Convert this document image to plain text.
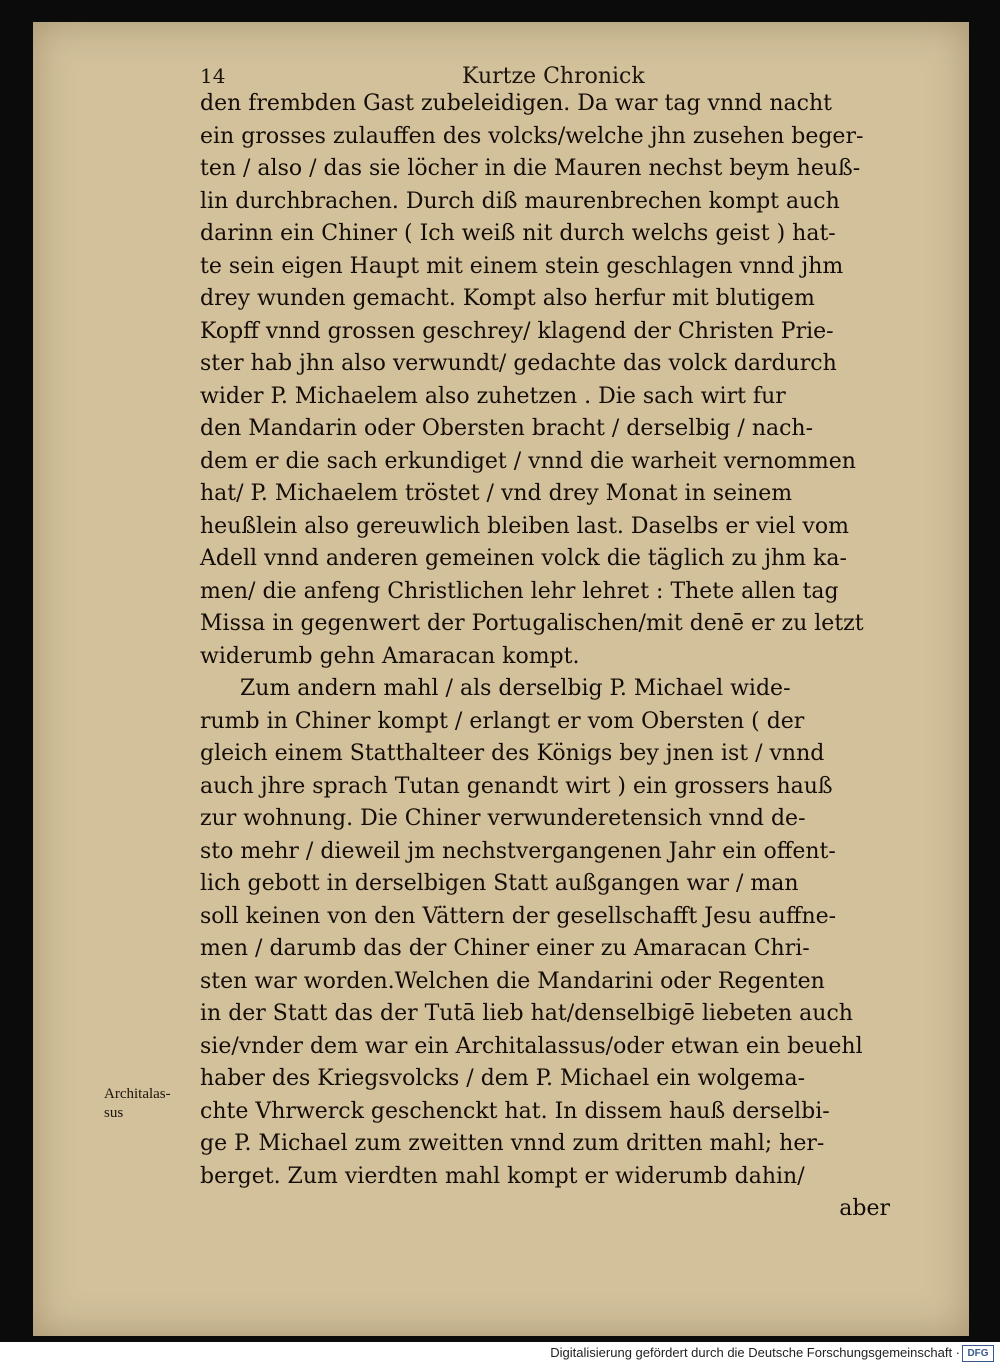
14	Kurtze Chronick
den frembden Gast zubeleidigen. Da war tag vnnd nacht
ein grosses zulauffen des volcks/welche jhn zusehen beger-
ten / also / das sie löcher in die Mauren nechst beym heuß-
lin durchbrachen. Durch diß maurenbrechen kompt auch
darinn ein Chiner ( Ich weiß nit durch welchs geist ) hat-
te sein eigen Haupt mit einem stein geschlagen vnnd jhm
drey wunden gemacht. Kompt also herfur mit blutigem
Kopff vnnd grossen geschrey/ klagend der Christen Prie-
ster hab jhn also verwundt/ gedachte das volck dardurch
wider P. Michaelem also zuhetzen . Die sach wirt fur
den Mandarin oder Obersten bracht / derselbig / nach-
dem er die sach erkundiget / vnnd die warheit vernommen
hat/ P. Michaelem tröstet / vnd drey Monat in seinem
heußlein also gereuwlich bleiben last. Daselbs er viel vom
Adell vnnd anderen gemeinen volck die täglich zu jhm ka-
men/ die anfeng Christlichen lehr lehret : Thete allen tag
Missa in gegenwert der Portugalischen/mit denē er zu letzt
widerumb gehn Amaracan kompt.
Zum andern mahl / als derselbig P. Michael wide-
rumb in Chiner kompt / erlangt er vom Obersten ( der
gleich einem Statthalteer des Königs bey jnen ist / vnnd
auch jhre sprach Tutan genandt wirt ) ein grossers hauß
zur wohnung. Die Chiner verwunderetensich vnnd de-
sto mehr / dieweil jm nechstvergangenen Jahr ein offent-
lich gebott in derselbigen Statt außgangen war / man
soll keinen von den Vättern der gesellschafft Jesu auffne-
men / darumb das der Chiner einer zu Amaracan Chri-
sten war worden.Welchen die Mandarini oder Regenten
in der Statt das der Tutā lieb hat/denselbigē liebeten auch
sie/vnder dem war ein Architalassus/oder etwan ein beuehl
haber des Kriegsvolcks / dem P. Michael ein wolgema-
chte Vhrwerck geschenckt hat. In dissem hauß derselbi-
ge P. Michael zum zweitten vnnd zum dritten mahl; her-
berget. Zum vierdten mahl kompt er widerumb dahin/
aber
Architalas-sus
Digitalisierung gefördert durch die Deutsche Forschungsgemeinschaft · DFG
